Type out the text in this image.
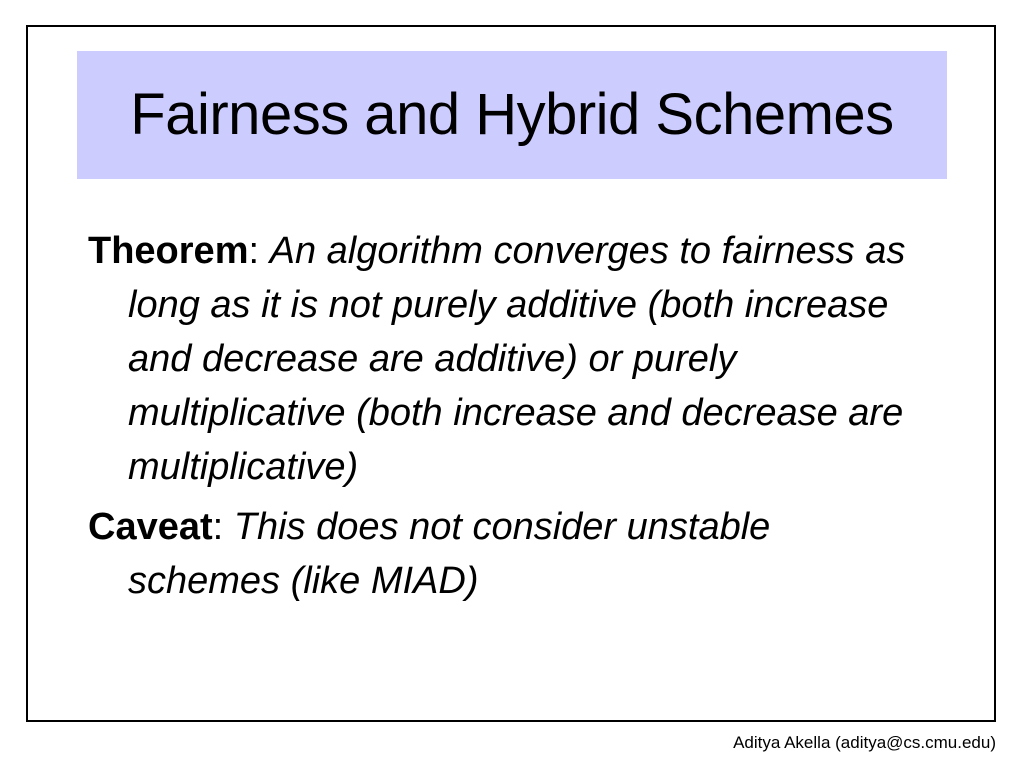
Fairness and Hybrid Schemes

Theorem: An algorithm converges to fairness as long as it is not purely additive (both increase and decrease are additive) or purely multiplicative (both increase and decrease are multiplicative)

Caveat: This does not consider unstable schemes (like MIAD)

Aditya Akella (aditya@cs.cmu.edu)
